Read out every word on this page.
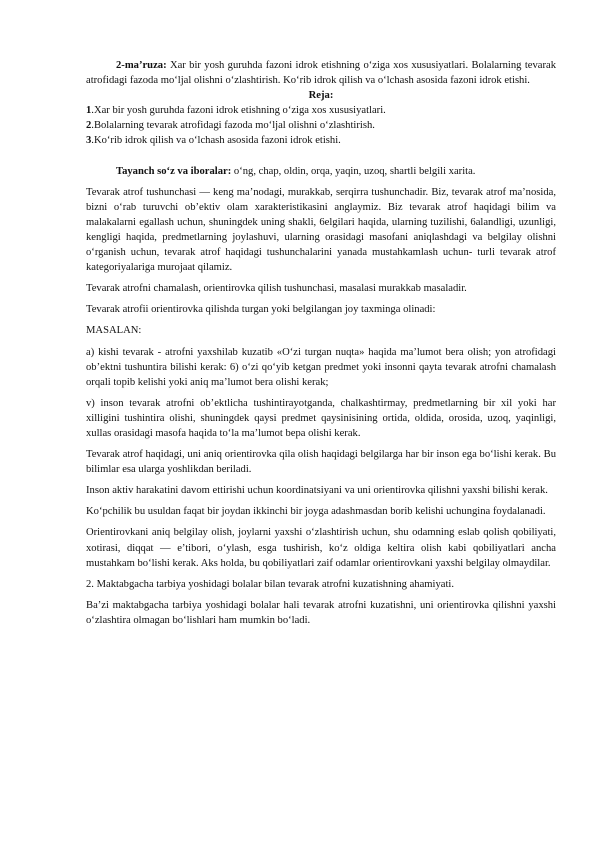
2-ma’ruza: Xar bir yosh guruhda fazoni idrok etishning o‘ziga xos xususiyatlari. Bolalarning tevarak atrofidagi fazoda mo‘ljal olishni o‘zlashtirish. Ko‘rib idrok qilish va o‘lchash asosida fazoni idrok etishi.

Reja:

1.Xar bir yosh guruhda fazoni idrok etishning o‘ziga xos xususiyatlari.

2.Bolalarning tevarak atrofidagi fazoda mo‘ljal olishni o‘zlashtirish.

3.Ko‘rib idrok qilish va o‘lchash asosida fazoni idrok etishi.

Tayanch so‘z va iboralar: o‘ng, chap, oldin, orqa, yaqin, uzoq, shartli belgili xarita.

Tevarak atrof tushunchasi — keng ma’nodagi, murakkab, serqirra tushunchadir. Biz, tevarak atrof ma’nosida, bizni o‘rab turuvchi ob’ektiv olam xarakteristikasini anglaymiz. Biz tevarak atrof haqidagi bilim va malakalarni egallash uchun, shuningdek uning shakli, 6elgilari haqida, ularning tuzilishi, 6alandligi, uzunligi, kengligi haqida, predmetlarning joylashuvi, ularning orasidagi masofani aniqlashdagi va belgilay olishni o‘rganish uchun, tevarak atrof haqidagi tushunchalarini yanada mustahkamlash uchun- turli tevarak atrof kategoriyalariga murojaat qilamiz.

Tevarak atrofni chamalash, orientirovka qilish tushunchasi, masalasi murakkab masaladir.

Tevarak atrofii orientirovka qilishda turgan yoki belgilangan joy taxminga olinadi:

MASALAN:

a) kishi tevarak - atrofni yaxshilab kuzatib «O‘zi turgan nuqta» haqida ma’lumot bera olish; yon atrofidagi ob’ektni tushuntira bilishi kerak: 6) o‘zi qo‘yib ketgan predmet yoki insonni qayta tevarak atrofni chamalash orqali topib kelishi yoki aniq ma’lumot bera olishi kerak;

v) inson tevarak atrofni ob’ektlicha tushintirayotganda, chalkashtirmay, predmetlarning bir xil yoki har xilligini tushintira olishi, shuningdek qaysi predmet qaysinisining ortida, oldida, orosida, uzoq, yaqinligi, xullas orasidagi masofa haqida to‘la ma’lumot bepa olishi kerak.

Tevarak atrof haqidagi, uni aniq orientirovka qila olish haqidagi belgilarga har bir inson ega bo‘lishi kerak. Bu bilimlar esa ularga yoshlikdan beriladi.

Inson aktiv harakatini davom ettirishi uchun koordinatsiyani va uni orientirovka qilishni yaxshi bilishi kerak.

Ko‘pchilik bu usuldan faqat bir joydan ikkinchi bir joyga adashmasdan borib kelishi uchungina foydalanadi.

Orientirovkani aniq belgilay olish, joylarni yaxshi o‘zlashtirish uchun, shu odamning eslab qolish qobiliyati, xotirasi, diqqat — e’tibori, o‘ylash, esga tushirish, ko‘z oldiga keltira olish kabi qobiliyatlari ancha mustahkam bo‘lishi kerak. Aks holda, bu qobiliyatlari zaif odamlar orientirovkani yaxshi belgilay olmaydilar.

2. Maktabgacha tarbiya yoshidagi bolalar bilan tevarak atrofni kuzatishning ahamiyati.

Ba’zi maktabgacha tarbiya yoshidagi bolalar hali tevarak atrofni kuzatishni, uni orientirovka qilishni yaxshi o‘zlashtira olmagan bo‘lishlari ham mumkin bo‘ladi.
